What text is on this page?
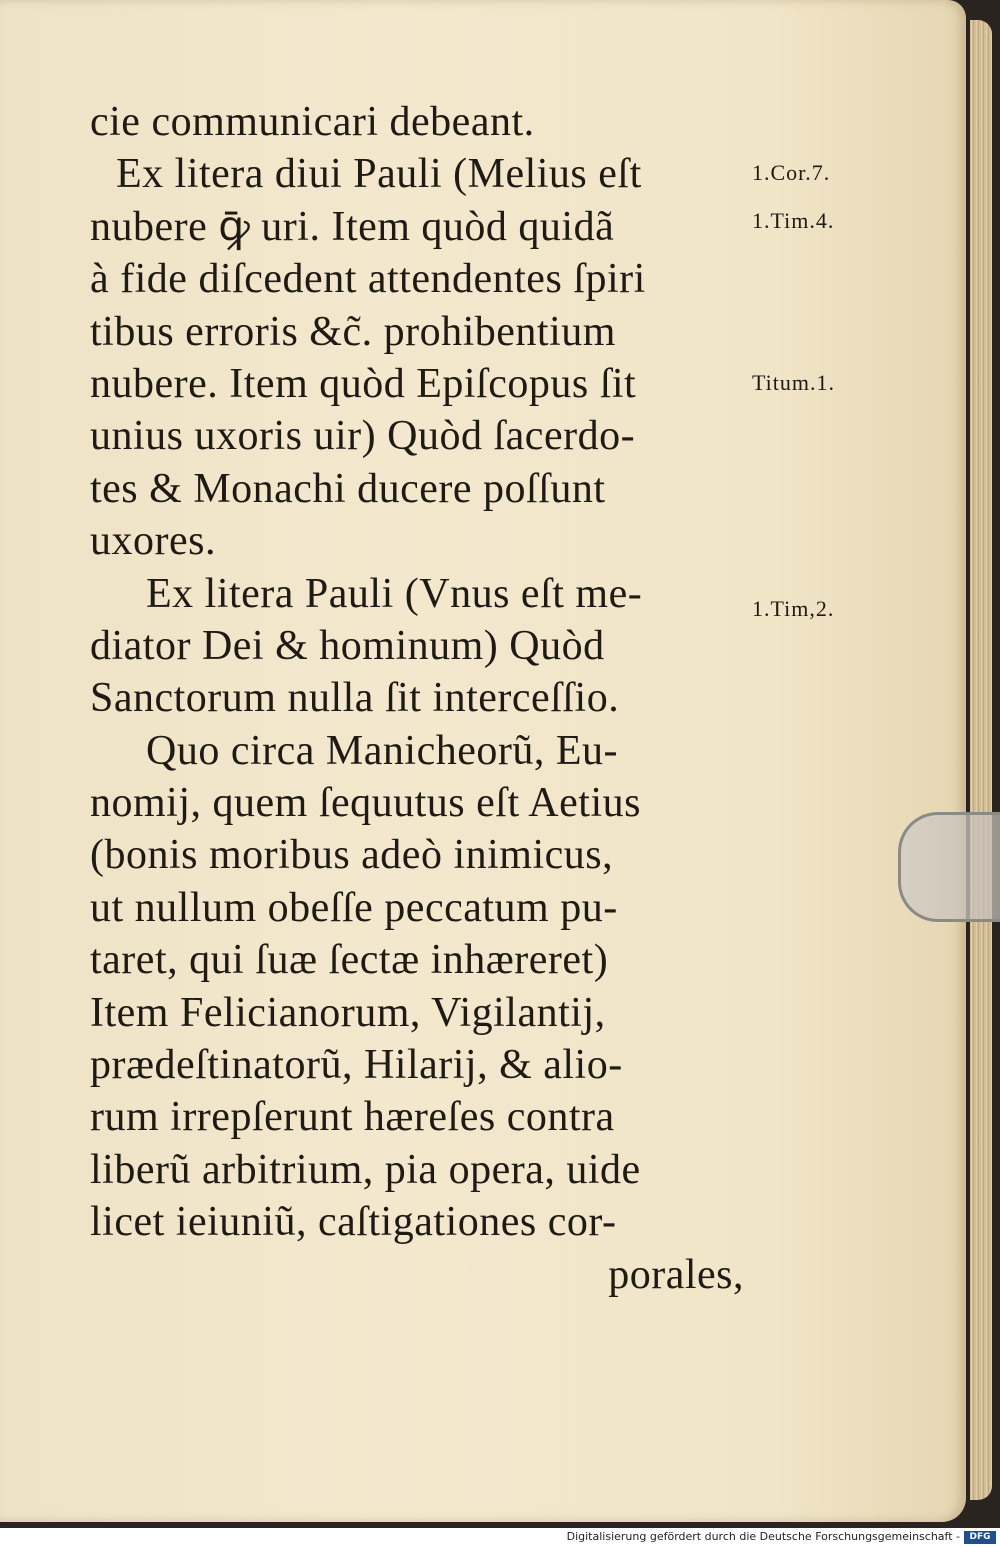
cie communicari debeant.
Ex litera diui Pauli (Melius eſt
nubere ꝙ̄ uri. Item quòd quidã
à fide diſcedent attendentes ſpiri
tibus erroris &c̃. prohibentium
nubere. Item quòd Epiſcopus ſit
unius uxoris uir) Quòd ſacerdo-
tes & Monachi ducere poſſunt
uxores.
Ex litera Pauli (Vnus eſt me-
diator Dei & hominum) Quòd
Sanctorum nulla ſit interceſſio.
Quo circa Manicheorũ, Eu-
nomij, quem ſequutus eſt Aetius
(bonis moribus adeò inimicus,
ut nullum obeſſe peccatum pu-
taret, qui ſuæ ſectæ inhæreret)
Item Felicianorum, Vigilantij,
prædeſtinatorũ, Hilarij, & alio-
rum irrepſerunt hæreſes contra
liberũ arbitrium, pia opera, uide
licet ieiuniũ, caſtigationes cor-
porales,
1.Cor.7.
1.Tim.4.
Titum.1.
1.Tim,2.
Digitalisierung gefördert durch die Deutsche Forschungsgemeinschaft -	DFG
